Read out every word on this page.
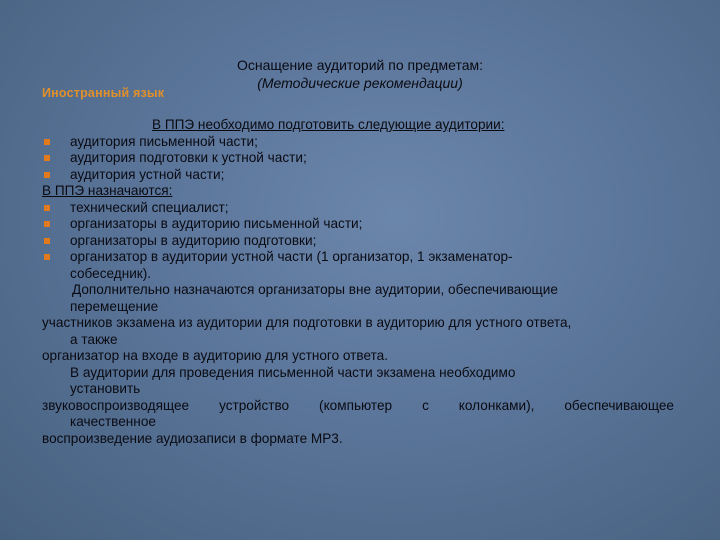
Оснащение аудиторий по предметам:
(Методические рекомендации)
Иностранный язык
В ППЭ необходимо подготовить следующие аудитории:
аудитория письменной части;
аудитория подготовки к устной части;
аудитория устной части;
В ППЭ назначаются:
технический специалист;
организаторы в аудиторию письменной части;
организаторы в аудиторию подготовки;
организатор в аудитории устной части (1 организатор, 1 экзаменатор-
собеседник).
Дополнительно назначаются организаторы вне аудитории, обеспечивающие
перемещение
участников экзамена из аудитории для подготовки в аудиторию для устного ответа,
а также
организатор на входе в аудиторию для устного ответа.
В аудитории для проведения письменной части экзамена необходимо
установить
звуковоспроизводящее устройство (компьютер с колонками), обеспечивающее
качественное
воспроизведение аудиозаписи в формате MP3.
